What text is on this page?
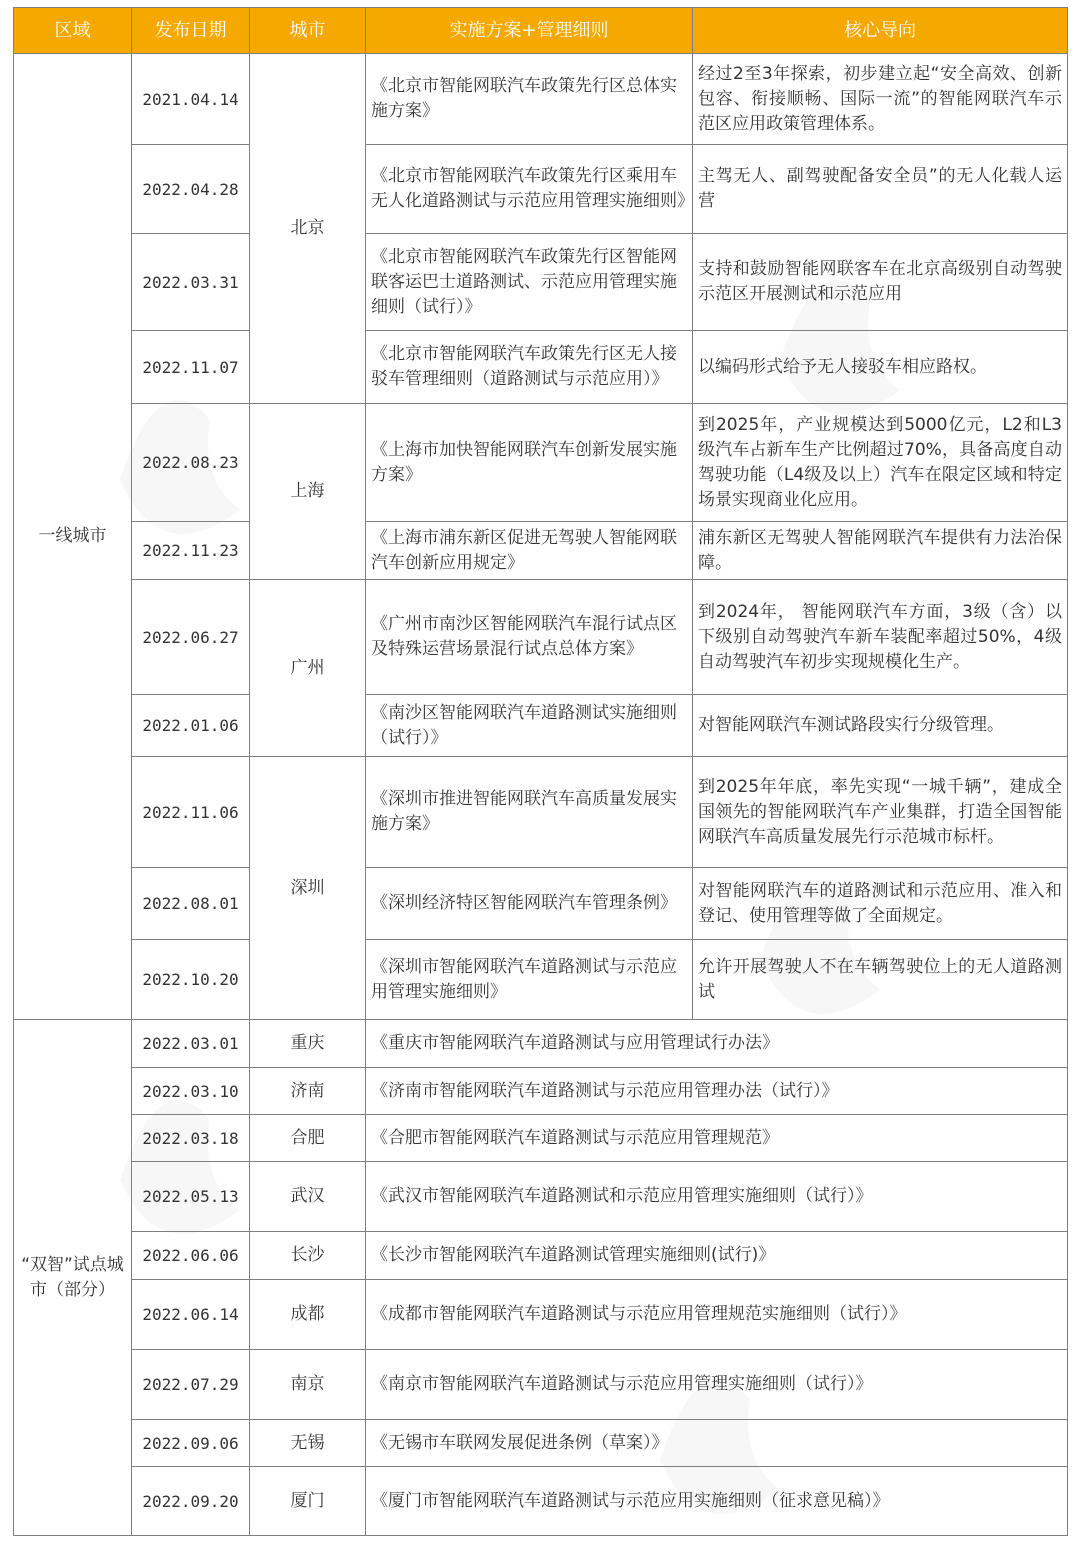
区域	发布日期	城市	实施方案+管理细则	核心导向
一线城市	2021.04.14	北京	《北京市智能网联汽车政策先行区总体实施方案》	经过2至3年探索，初步建立起“安全高效、创新包容、衔接顺畅、国际一流”的智能网联汽车示范区应用政策管理体系。
	2022.04.28		《北京市智能网联汽车政策先行区乘用车无人化道路测试与示范应用管理实施细则》	主驾无人、副驾驶配备安全员”的无人化载人运营
	2022.03.31		《北京市智能网联汽车政策先行区智能网联客运巴士道路测试、示范应用管理实施细则（试行）》	支持和鼓励智能网联客车在北京高级别自动驾驶示范区开展测试和示范应用
	2022.11.07		《北京市智能网联汽车政策先行区无人接驳车管理细则（道路测试与示范应用）》	以编码形式给予无人接驳车相应路权。
	2022.08.23	上海	《上海市加快智能网联汽车创新发展实施方案》	到2025年，产业规模达到5000亿元，L2和L3级汽车占新车生产比例超过70%，具备高度自动驾驶功能（L4级及以上）汽车在限定区域和特定场景实现商业化应用。
	2022.11.23		《上海市浦东新区促进无驾驶人智能网联汽车创新应用规定》	浦东新区无驾驶人智能网联汽车提供有力法治保障。
	2022.06.27	广州	《广州市南沙区智能网联汽车混行试点区及特殊运营场景混行试点总体方案》	到2024年， 智能网联汽车方面，3级（含）以下级别自动驾驶汽车新车装配率超过50%，4级自动驾驶汽车初步实现规模化生产。
	2022.01.06		《南沙区智能网联汽车道路测试实施细则（试行）》	对智能网联汽车测试路段实行分级管理。
	2022.11.06	深圳	《深圳市推进智能网联汽车高质量发展实施方案》	到2025年年底，率先实现“一城千辆”，建成全国领先的智能网联汽车产业集群，打造全国智能网联汽车高质量发展先行示范城市标杆。
	2022.08.01		《深圳经济特区智能网联汽车管理条例》	对智能网联汽车的道路测试和示范应用、准入和登记、使用管理等做了全面规定。
	2022.10.20		《深圳市智能网联汽车道路测试与示范应用管理实施细则》	允许开展驾驶人不在车辆驾驶位上的无人道路测试
“双智”试点城市（部分）	2022.03.01	重庆	《重庆市智能网联汽车道路测试与应用管理试行办法》	
	2022.03.10	济南	《济南市智能网联汽车道路测试与示范应用管理办法（试行）》	
	2022.03.18	合肥	《合肥市智能网联汽车道路测试与示范应用管理规范》	
	2022.05.13	武汉	《武汉市智能网联汽车道路测试和示范应用管理实施细则（试行）》	
	2022.06.06	长沙	《长沙市智能网联汽车道路测试管理实施细则(试行)》	
	2022.06.14	成都	《成都市智能网联汽车道路测试与示范应用管理规范实施细则（试行）》	
	2022.07.29	南京	《南京市智能网联汽车道路测试与示范应用管理实施细则（试行）》	
	2022.09.06	无锡	《无锡市车联网发展促进条例（草案）》	
	2022.09.20	厦门	《厦门市智能网联汽车道路测试与示范应用实施细则（征求意见稿）》	
